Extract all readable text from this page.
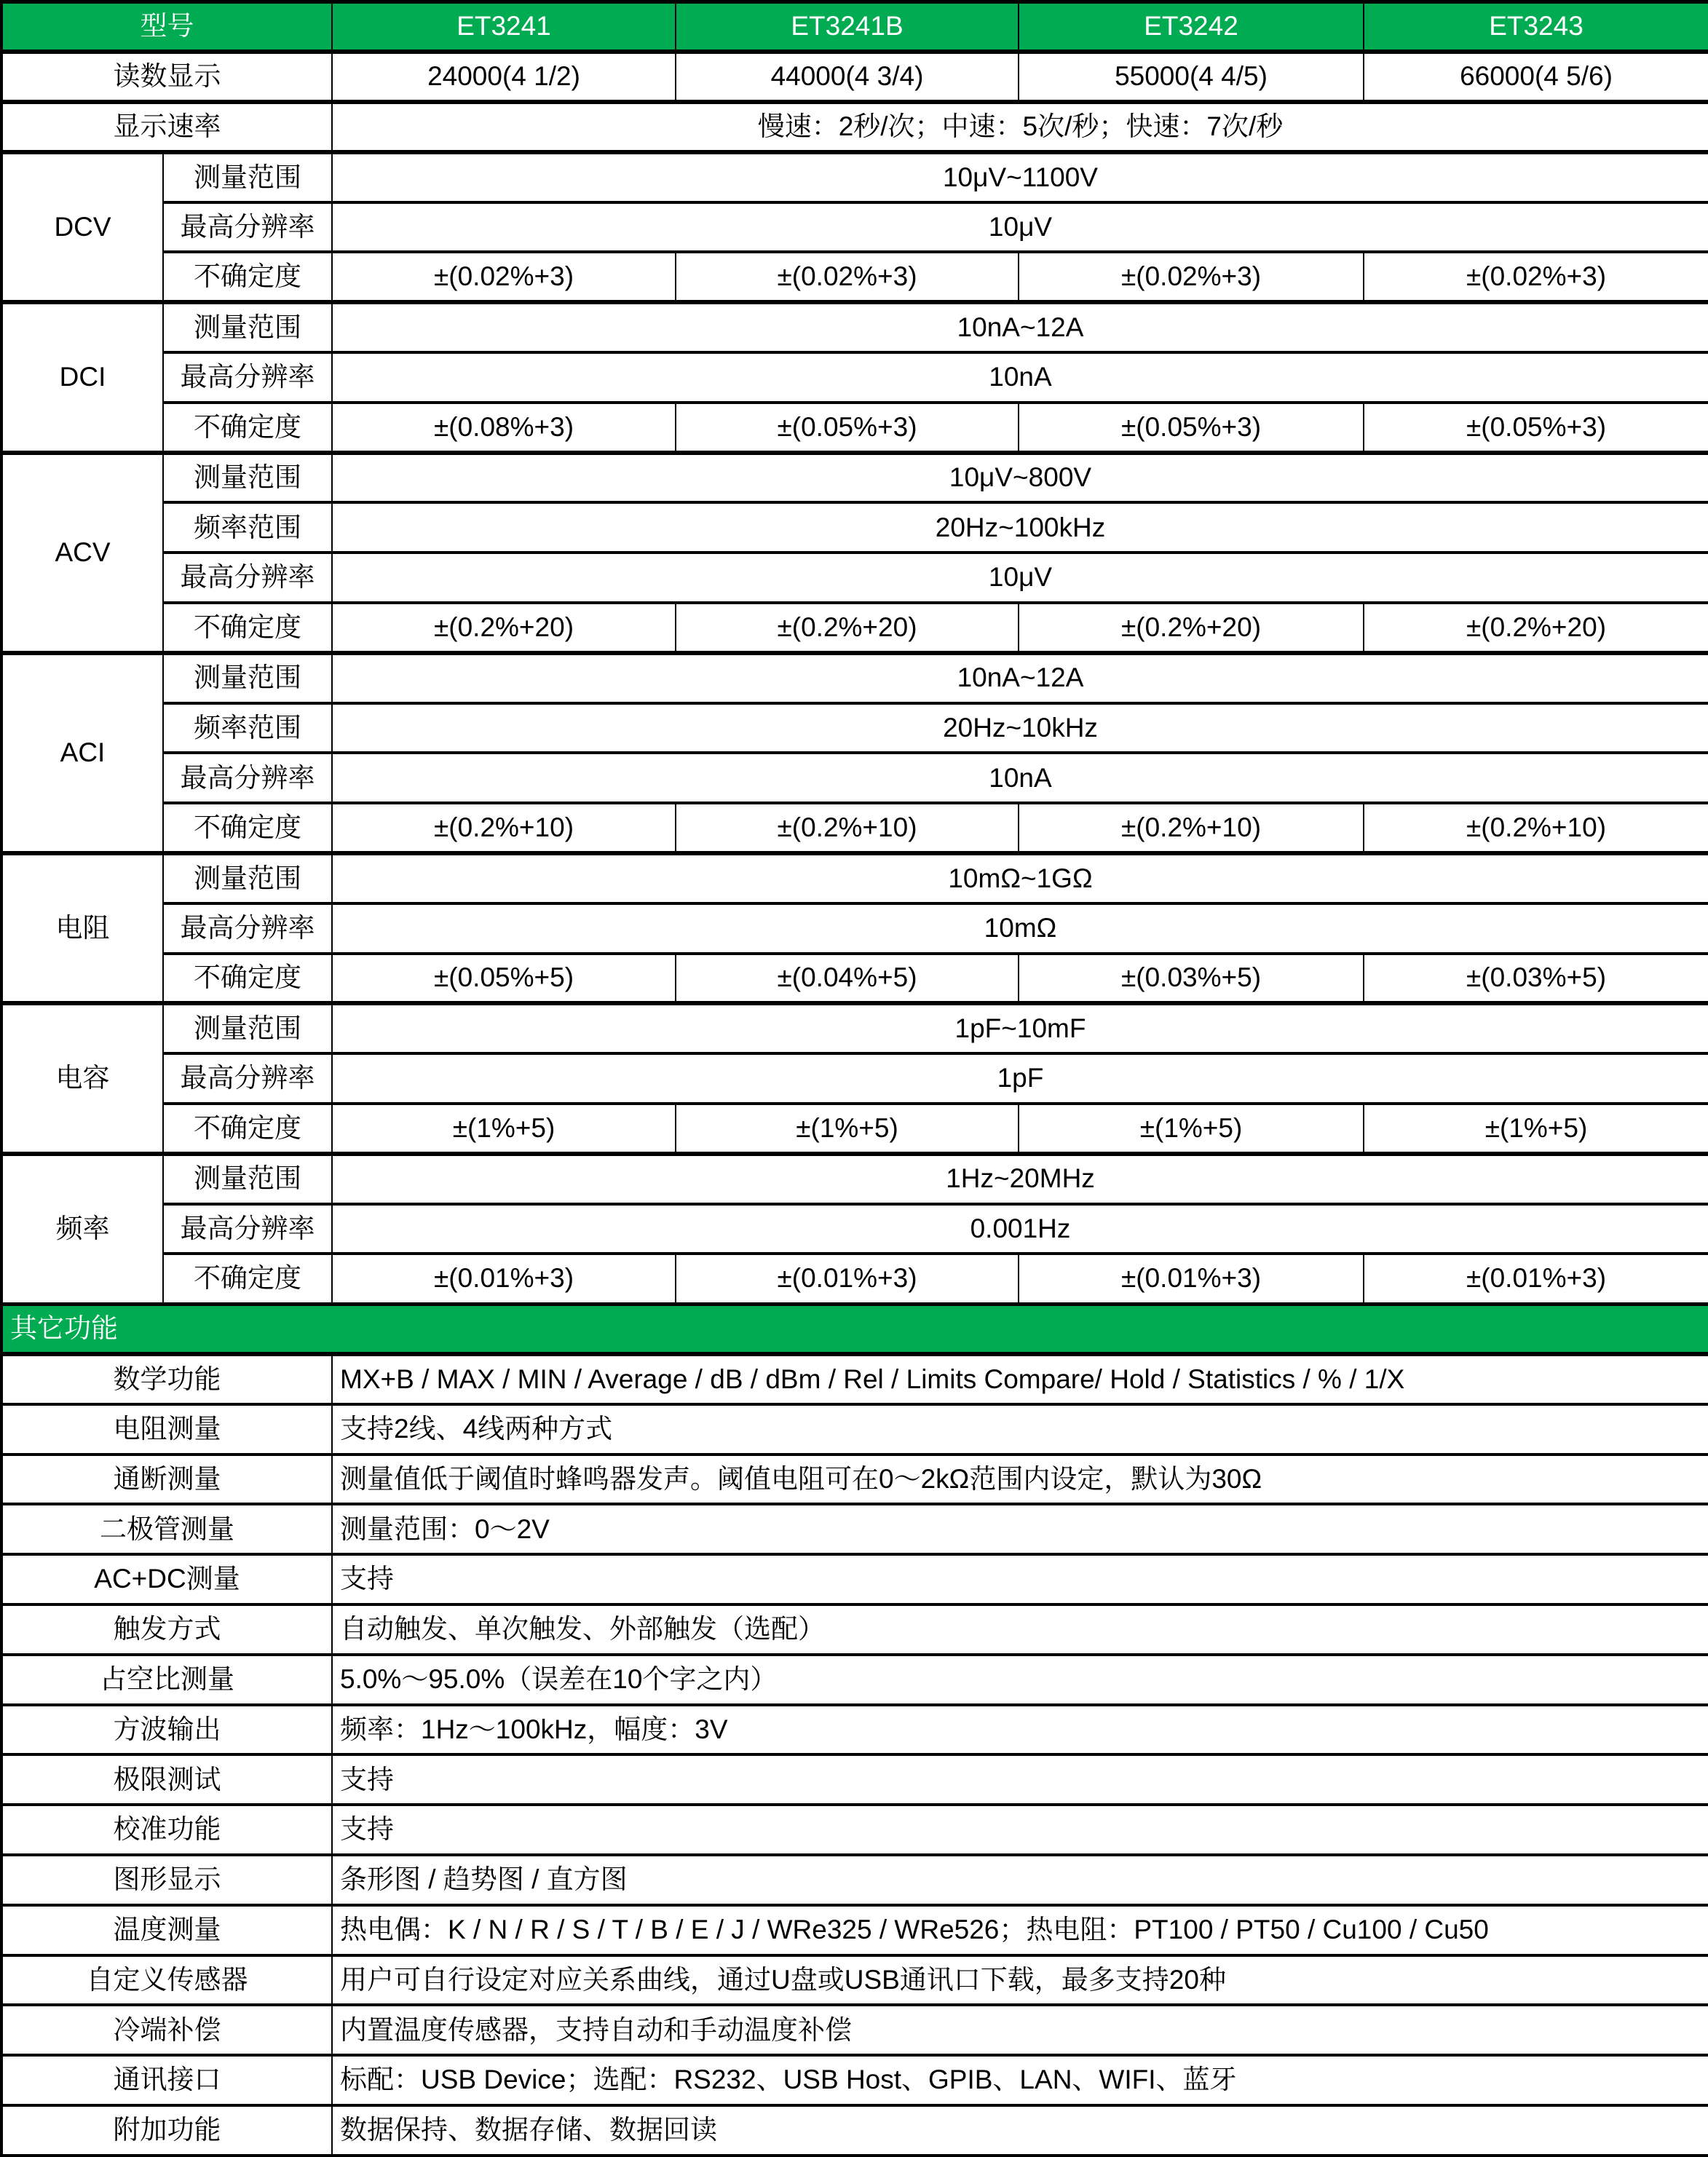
型号		ET3241	ET3241B	ET3242	ET3243
读数显示		24000(4 1/2)	44000(4 3/4)	55000(4 4/5)	66000(4 5/6)
显示速率		慢速：2秒/次；中速：5次/秒；快速：7次/秒			
DCV	测量范围	10μV~1100V			
	最高分辨率	10μV			
	不确定度	±(0.02%+3)	±(0.02%+3)	±(0.02%+3)	±(0.02%+3)
DCI	测量范围	10nA~12A			
	最高分辨率	10nA			
	不确定度	±(0.08%+3)	±(0.05%+3)	±(0.05%+3)	±(0.05%+3)
ACV	测量范围	10μV~800V			
	频率范围	20Hz~100kHz			
	最高分辨率	10μV			
	不确定度	±(0.2%+20)	±(0.2%+20)	±(0.2%+20)	±(0.2%+20)
ACI	测量范围	10nA~12A			
	频率范围	20Hz~10kHz			
	最高分辨率	10nA			
	不确定度	±(0.2%+10)	±(0.2%+10)	±(0.2%+10)	±(0.2%+10)
电阻	测量范围	10mΩ~1GΩ			
	最高分辨率	10mΩ			
	不确定度	±(0.05%+5)	±(0.04%+5)	±(0.03%+5)	±(0.03%+5)
电容	测量范围	1pF~10mF			
	最高分辨率	1pF			
	不确定度	±(1%+5)	±(1%+5)	±(1%+5)	±(1%+5)
频率	测量范围	1Hz~20MHz			
	最高分辨率	0.001Hz			
	不确定度	±(0.01%+3)	±(0.01%+3)	±(0.01%+3)	±(0.01%+3)
其它功能					
数学功能		MX+B / MAX / MIN / Average / dB / dBm / Rel / Limits Compare/ Hold / Statistics / % / 1/X			
电阻测量		支持2线、4线两种方式			
通断测量		测量值低于阈值时蜂鸣器发声。阈值电阻可在0～2kΩ范围内设定，默认为30Ω			
二极管测量		测量范围：0～2V			
AC+DC测量		支持			
触发方式		自动触发、单次触发、外部触发（选配）			
占空比测量		5.0%～95.0%（误差在10个字之内）			
方波输出		频率：1Hz～100kHz，幅度：3V			
极限测试		支持			
校准功能		支持			
图形显示		条形图 / 趋势图 / 直方图			
温度测量		热电偶：K / N / R / S / T / B / E / J / WRe325 / WRe526；热电阻：PT100 / PT50 / Cu100 / Cu50			
自定义传感器		用户可自行设定对应关系曲线，通过U盘或USB通讯口下载，最多支持20种			
冷端补偿		内置温度传感器，支持自动和手动温度补偿			
通讯接口		标配：USB Device；选配：RS232、USB Host、GPIB、LAN、WIFI、蓝牙			
附加功能		数据保持、数据存储、数据回读			
